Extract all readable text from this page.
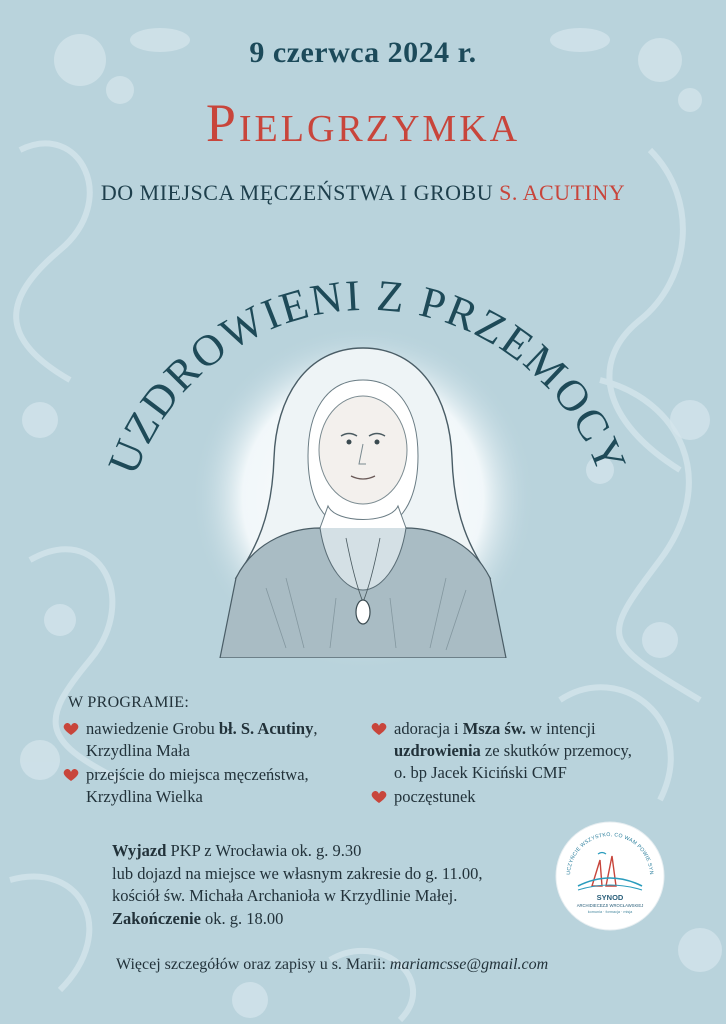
9 czerwca 2024 r.
Pielgrzymka
DO MIEJSCA MĘCZEŃSTWA I GROBU S. ACUTINY
UZDROWIENI Z PRZEMOCY
W PROGRAMIE:
nawiedzenie Grobu bł. S. Acutiny,
Krzydlina Mała
przejście do miejsca męczeństwa,
Krzydlina Wielka
adoracja i Msza św. w intencji
uzdrowienia ze skutków przemocy,
o. bp Jacek Kiciński CMF
poczęstunek
Wyjazd PKP z Wrocławia ok. g. 9.30
lub dojazd na miejsce we własnym zakresie do g. 11.00,
kościół św. Michała Archanioła w Krzydlinie Małej.
Zakończenie ok. g. 18.00
UCZYŃCIE WSZYSTKO, CO WAM POWIE SYN
SYNOD
ARCHIDIECEZJI WROCŁAWSKIEJ
komunia · formacja · misja
Więcej szczegółów oraz zapisy u s. Marii: mariamcsse@gmail.com
